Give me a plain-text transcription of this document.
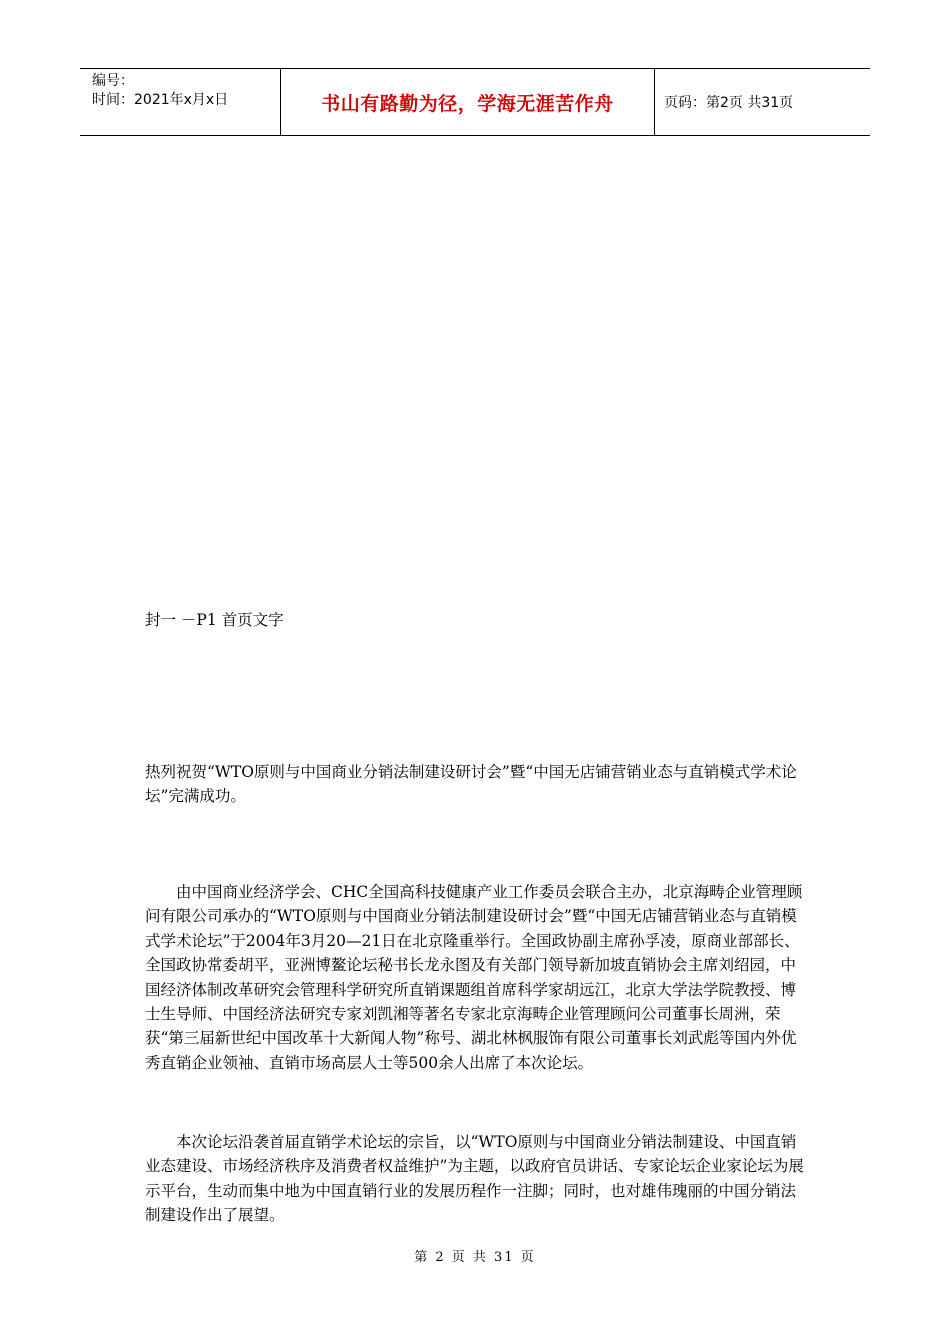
编号：
时间：2021年x月x日	书山有路勤为径，学海无涯苦作舟	页码：第2页 共31页
封一 －P1 首页文字
热列祝贺“WTO原则与中国商业分销法制建设研讨会”暨“中国无店铺营销业态与直销模式学术论坛”完满成功。
由中国商业经济学会、CHC全国高科技健康产业工作委员会联合主办，北京海畴企业管理顾问有限公司承办的“WTO原则与中国商业分销法制建设研讨会”暨“中国无店铺营销业态与直销模式学术论坛”于2004年3月20—21日在北京隆重举行。全国政协副主席孙孚凌，原商业部部长、全国政协常委胡平，亚洲博鳌论坛秘书长龙永图及有关部门领导新加坡直销协会主席刘绍园，中国经济体制改革研究会管理科学研究所直销课题组首席科学家胡远江，北京大学法学院教授、博士生导师、中国经济法研究专家刘凯湘等著名专家北京海畴企业管理顾问公司董事长周洲，荣获“第三届新世纪中国改革十大新闻人物”称号、湖北林枫服饰有限公司董事长刘武彪等国内外优秀直销企业领袖、直销市场高层人士等500余人出席了本次论坛。
本次论坛沿袭首届直销学术论坛的宗旨，以“WTO原则与中国商业分销法制建设、中国直销业态建设、市场经济秩序及消费者权益维护”为主题，以政府官员讲话、专家论坛企业家论坛为展示平台，生动而集中地为中国直销行业的发展历程作一注脚；同时，也对雄伟瑰丽的中国分销法制建设作出了展望。
第 2 页 共 31 页
